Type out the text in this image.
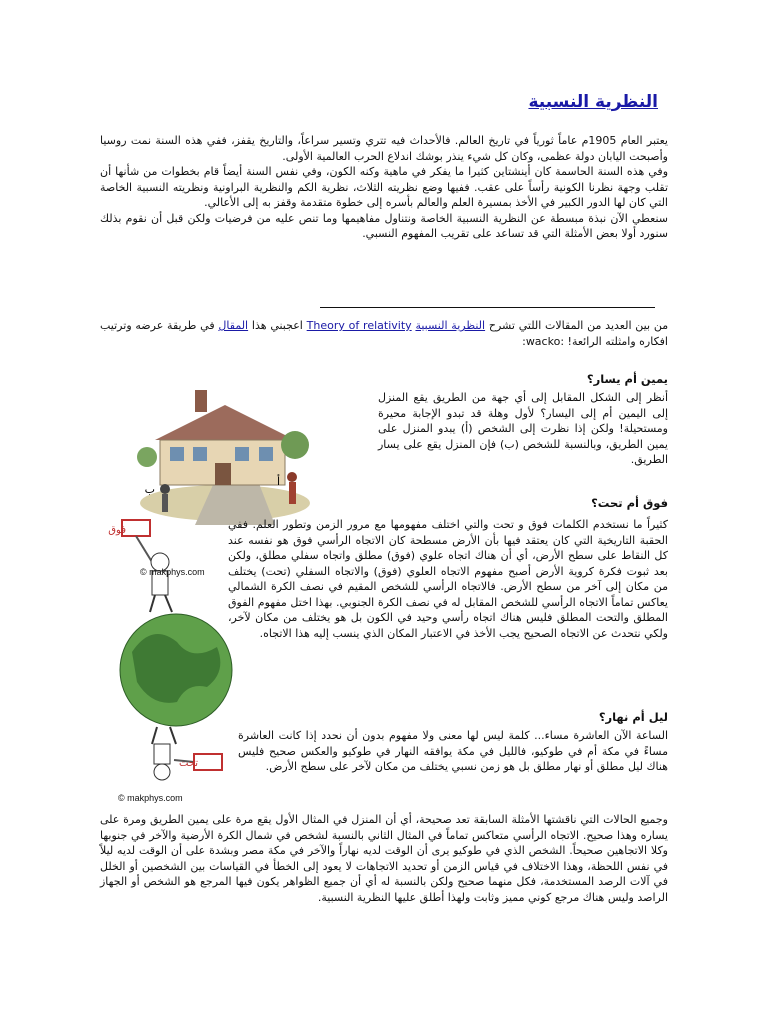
النظرية النسبية
يعتبر العام 1905م عاماً ثورياً في تاريخ العالم. فالأحداث فيه تتري وتسير سراعاً، والتاريخ يقفز، ففي هذه السنة نمت روسيا وأصبحت اليابان دولة عظمى، وكان كل شيء ينذر بوشك اندلاع الحرب العالمية الأولى.
وفي هذه السنة الحاسمة كان أينشتاين كثيرا ما يفكر في ماهية وكنه الكون، وفي نفس السنة أيضاً قام بخطوات من شأنها أن تقلب وجهة نظرنا الكونية رأساً على عقب. ففيها وضع نظريته الثلاث، نظرية الكم والنظرية البراونية ونظريته النسبية الخاصة التي كان لها الدور الكبير في الأخذ بمسيرة العلم والعالم بأسره إلى خطوة متقدمة وقفز به إلى الأعالي.
سنعطي الآن نبذة مبسطة عن النظرية النسبية الخاصة ونتناول مفاهيمها وما تنص عليه من فرضيات ولكن قبل أن نقوم بذلك سنورد أولا بعض الأمثلة التي قد تساعد على تقريب المفهوم النسبي.
من بين العديد من المقالات اللتي تشرح النظرية النسبية Theory of relativity اعجبني هذا المقال في طريقة عرضه وترتيب افكاره وامثلته الرائعة! :wacko:
يمين أم يسار؟
أنظر إلى الشكل المقابل إلى أي جهة من الطريق يقع المنزل إلى اليمين أم إلى اليسار؟ لأول وهلة قد تبدو الإجابة محيرة ومستحيلة! ولكن إذا نظرت إلى الشخص (أ) يبدو المنزل على يمين الطريق، وبالنسبة للشخص (ب) فإن المنزل يقع على يسار الطريق.
ب
أ
فوق أم تحت؟
كثيراً ما نستخدم الكلمات فوق و تحت والتي اختلف مفهومها مع مرور الزمن وتطور العلم. ففي الحقبة التاريخية التي كان يعتقد فيها بأن الأرض مسطحة كان الاتجاه الرأسي فوق هو نفسه عند كل النقاط على سطح الأرض، أي أن هناك اتجاه علوي (فوق) مطلق واتجاه سفلي مطلق، ولكن بعد ثبوت فكرة كروية الأرض أصبح مفهوم الاتجاه العلوي (فوق) والاتجاه السفلي (تحت) يختلف من مكان إلى آخر من سطح الأرض. فالاتجاه الرأسي للشخص المقيم في نصف الكرة الشمالي يعاكس تماماً الاتجاه الرأسي للشخص المقابل له في نصف الكرة الجنوبي. بهذا اختل مفهوم الفوق المطلق والتحت المطلق فليس هناك اتجاه رأسي وحيد في الكون بل هو يختلف من مكان لآخر، ولكي نتحدث عن الاتجاه الصحيح يجب الأخذ في الاعتبار المكان الذي ينسب إليه هذا الاتجاه.
فوق
تحت
© makphys.com
© makphys.com
ليل أم نهار؟
الساعة الآن العاشرة مساء... كلمة ليس لها معنى ولا مفهوم بدون أن نحدد إذا كانت العاشرة مساءً في مكة أم في طوكيو، فالليل في مكة يوافقه النهار في طوكيو والعكس صحيح فليس هناك ليل مطلق أو نهار مطلق بل هو زمن نسبي يختلف من مكان لآخر على سطح الأرض.
وجميع الحالات التي ناقشتها الأمثلة السابقة تعد صحيحة، أي أن المنزل في المثال الأول يقع مرة على يمين الطريق ومرة على يساره وهذا صحيح. الاتجاه الرأسي متعاكس تماماً في المثال الثاني بالنسبة لشخص في شمال الكرة الأرضية والآخر في جنوبها وكلا الاتجاهين صحيحاً. الشخص الذي في طوكيو يرى أن الوقت لديه نهاراً والآخر في مكة مصر وبشدة على أن الوقت لديه ليلاً في نفس اللحظة، وهذا الاختلاف في قياس الزمن أو تحديد الاتجاهات لا يعود إلى الخطأ في القياسات بين الشخصين أو الخلل في آلات الرصد المستخدمة، فكل منهما صحيح ولكن بالنسبة له أي أن جميع الظواهر يكون فيها المرجع هو الشخص أو الجهاز الراصد وليس هناك مرجع كوني مميز وثابت ولهذا أطلق عليها النظرية النسبية.
